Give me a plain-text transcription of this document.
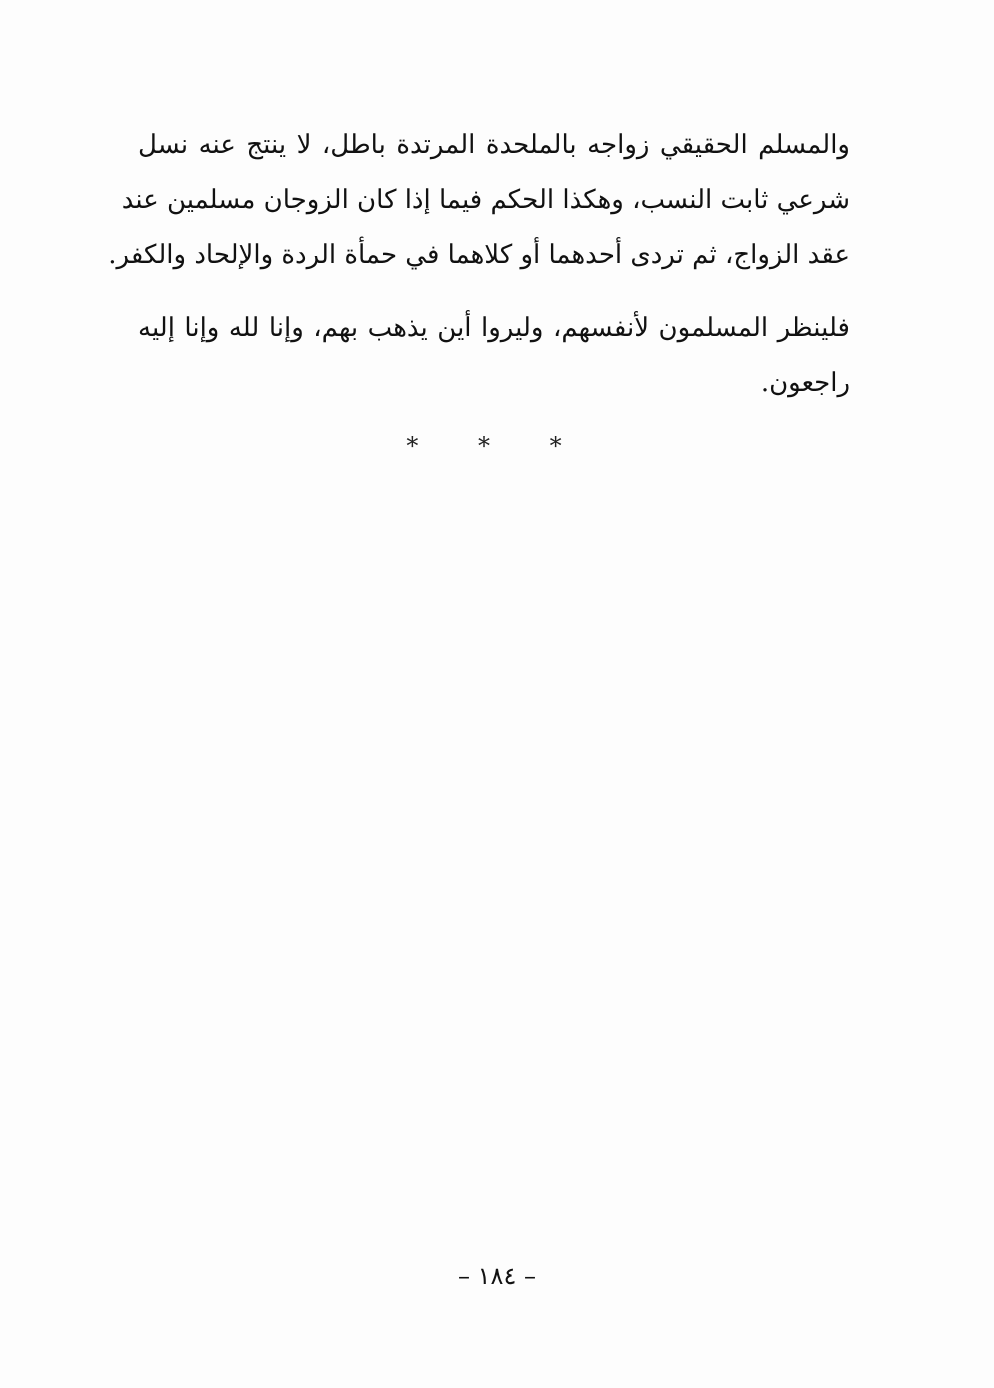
والمسلم الحقيقي زواجه بالملحدة المرتدة باطل، لا ينتج عنه نسل
شرعي ثابت النسب، وهكذا الحكم فيما إذا كان الزوجان مسلمين عند
عقد الزواج، ثم تردى أحدهما أو كلاهما في حمأة الردة والإلحاد والكفر.
فلينظر المسلمون لأنفسهم، وليروا أين يذهب بهم، وإنا لله وإنا إليه
راجعون.
* * *
– ١٨٤ –
